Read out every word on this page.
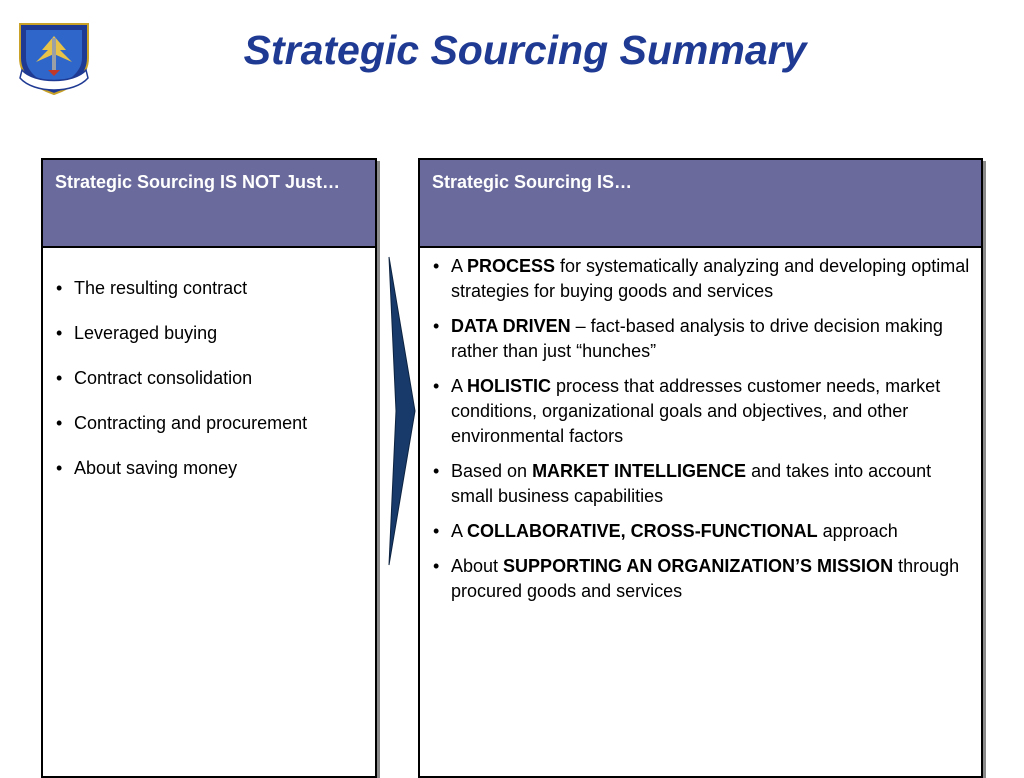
Strategic Sourcing Summary
Strategic Sourcing IS NOT Just…
• The resulting contract
• Leveraged buying
• Contract consolidation
• Contracting and procurement
• About saving money
Strategic Sourcing IS…
• A PROCESS for systematically analyzing and developing optimal strategies for buying goods and services
• DATA DRIVEN – fact-based analysis to drive decision making rather than just “hunches”
• A HOLISTIC process that addresses customer needs, market conditions, organizational goals and objectives, and other environmental factors
• Based on MARKET INTELLIGENCE and takes into account small business capabilities
• A COLLABORATIVE, CROSS-FUNCTIONAL approach
• About SUPPORTING AN ORGANIZATION’S MISSION through procured goods and services
